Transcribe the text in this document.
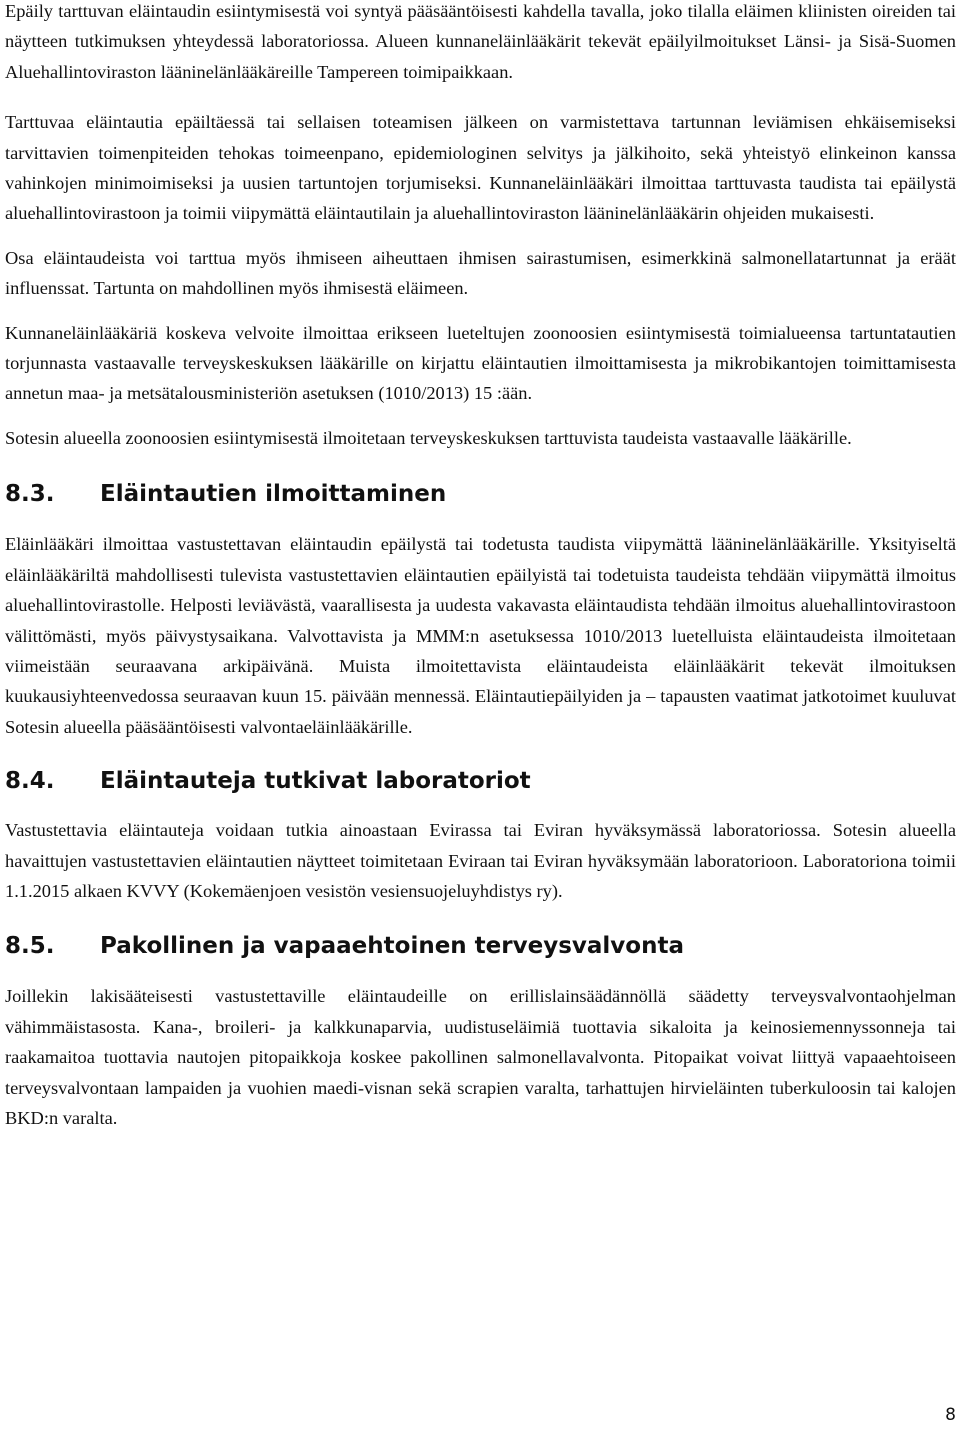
Epäily tarttuvan eläintaudin esiintymisestä voi syntyä pääsääntöisesti kahdella tavalla, joko tilalla eläimen kliinisten oireiden tai näytteen tutkimuksen yhteydessä laboratoriossa. Alueen kunnaneläinlääkärit tekevät epäilyilmoitukset Länsi- ja Sisä-Suomen Aluehallintoviraston lääninelänlääkäreille Tampereen toimipaikkaan.

Tarttuvaa eläintautia epäiltäessä tai sellaisen toteamisen jälkeen on varmistettava tartunnan leviämisen ehkäisemiseksi tarvittavien toimenpiteiden tehokas toimeenpano, epidemiologinen selvitys ja jälkihoito, sekä yhteistyö elinkeinon kanssa vahinkojen minimoimiseksi ja uusien tartuntojen torjumiseksi. Kunnaneläinlääkäri ilmoittaa tarttuvasta taudista tai epäilystä aluehallintovirastoon ja toimii viipymättä eläintautilain ja aluehallintoviraston lääninelänlääkärin ohjeiden mukaisesti.

Osa eläintaudeista voi tarttua myös ihmiseen aiheuttaen ihmisen sairastumisen, esimerkkinä salmonellatartunnat ja eräät influenssat. Tartunta on mahdollinen myös ihmisestä eläimeen.

Kunnaneläinlääkäriä koskeva velvoite ilmoittaa erikseen lueteltujen zoonoosien esiintymisestä toimialueensa tartuntatautien torjunnasta vastaavalle terveyskeskuksen lääkärille on kirjattu eläintautien ilmoittamisesta ja mikrobikantojen toimittamisesta annetun maa- ja metsätalousministeriön asetuksen (1010/2013) 15 :ään.

Sotesin alueella zoonoosien esiintymisestä ilmoitetaan terveyskeskuksen tarttuvista taudeista vastaavalle lääkärille.

8.3.	Eläintautien ilmoittaminen

Eläinlääkäri ilmoittaa vastustettavan eläintaudin epäilystä tai todetusta taudista viipymättä lääninelänlääkärille. Yksityiseltä eläinlääkäriltä mahdollisesti tulevista vastustettavien eläintautien epäilyistä tai todetuista taudeista tehdään viipymättä ilmoitus aluehallintovirastolle. Helposti leviävästä, vaarallisesta ja uudesta vakavasta eläintaudista tehdään ilmoitus aluehallintovirastoon välittömästi, myös päivystysaikana. Valvottavista ja MMM:n asetuksessa 1010/2013 luetelluista eläintaudeista ilmoitetaan viimeistään seuraavana arkipäivänä. Muista ilmoitettavista eläintaudeista eläinlääkärit tekevät ilmoituksen kuukausiyhteenvedossa seuraavan kuun 15. päivään mennessä. Eläintautiepäilyiden ja – tapausten vaatimat jatkotoimet kuuluvat Sotesin alueella pääsääntöisesti valvontaeläinlääkärille.

8.4.	Eläintauteja tutkivat laboratoriot

Vastustettavia eläintauteja voidaan tutkia ainoastaan Evirassa tai Eviran hyväksymässä laboratoriossa. Sotesin alueella havaittujen vastustettavien eläintautien näytteet toimitetaan Eviraan tai Eviran hyväksymään laboratorioon. Laboratoriona toimii 1.1.2015 alkaen KVVY (Kokemäenjoen vesistön vesiensuojeluyhdistys ry).

8.5.	Pakollinen ja vapaaehtoinen terveysvalvonta

Joillekin lakisääteisesti vastustettaville eläintaudeille on erillislainsäädännöllä säädetty terveysvalvontaohjelman vähimmäistasosta. Kana-, broileri- ja kalkkunaparvia, uudistuseläimiä tuottavia sikaloita ja keinosiemennyssonneja tai raakamaitoa tuottavia nautojen pitopaikkoja koskee pakollinen salmonellavalvonta. Pitopaikat voivat liittyä vapaaehtoiseen terveysvalvontaan lampaiden ja vuohien maedi-visnan sekä scrapien varalta, tarhattujen hirvieläinten tuberkuloosin tai kalojen BKD:n varalta.

8
